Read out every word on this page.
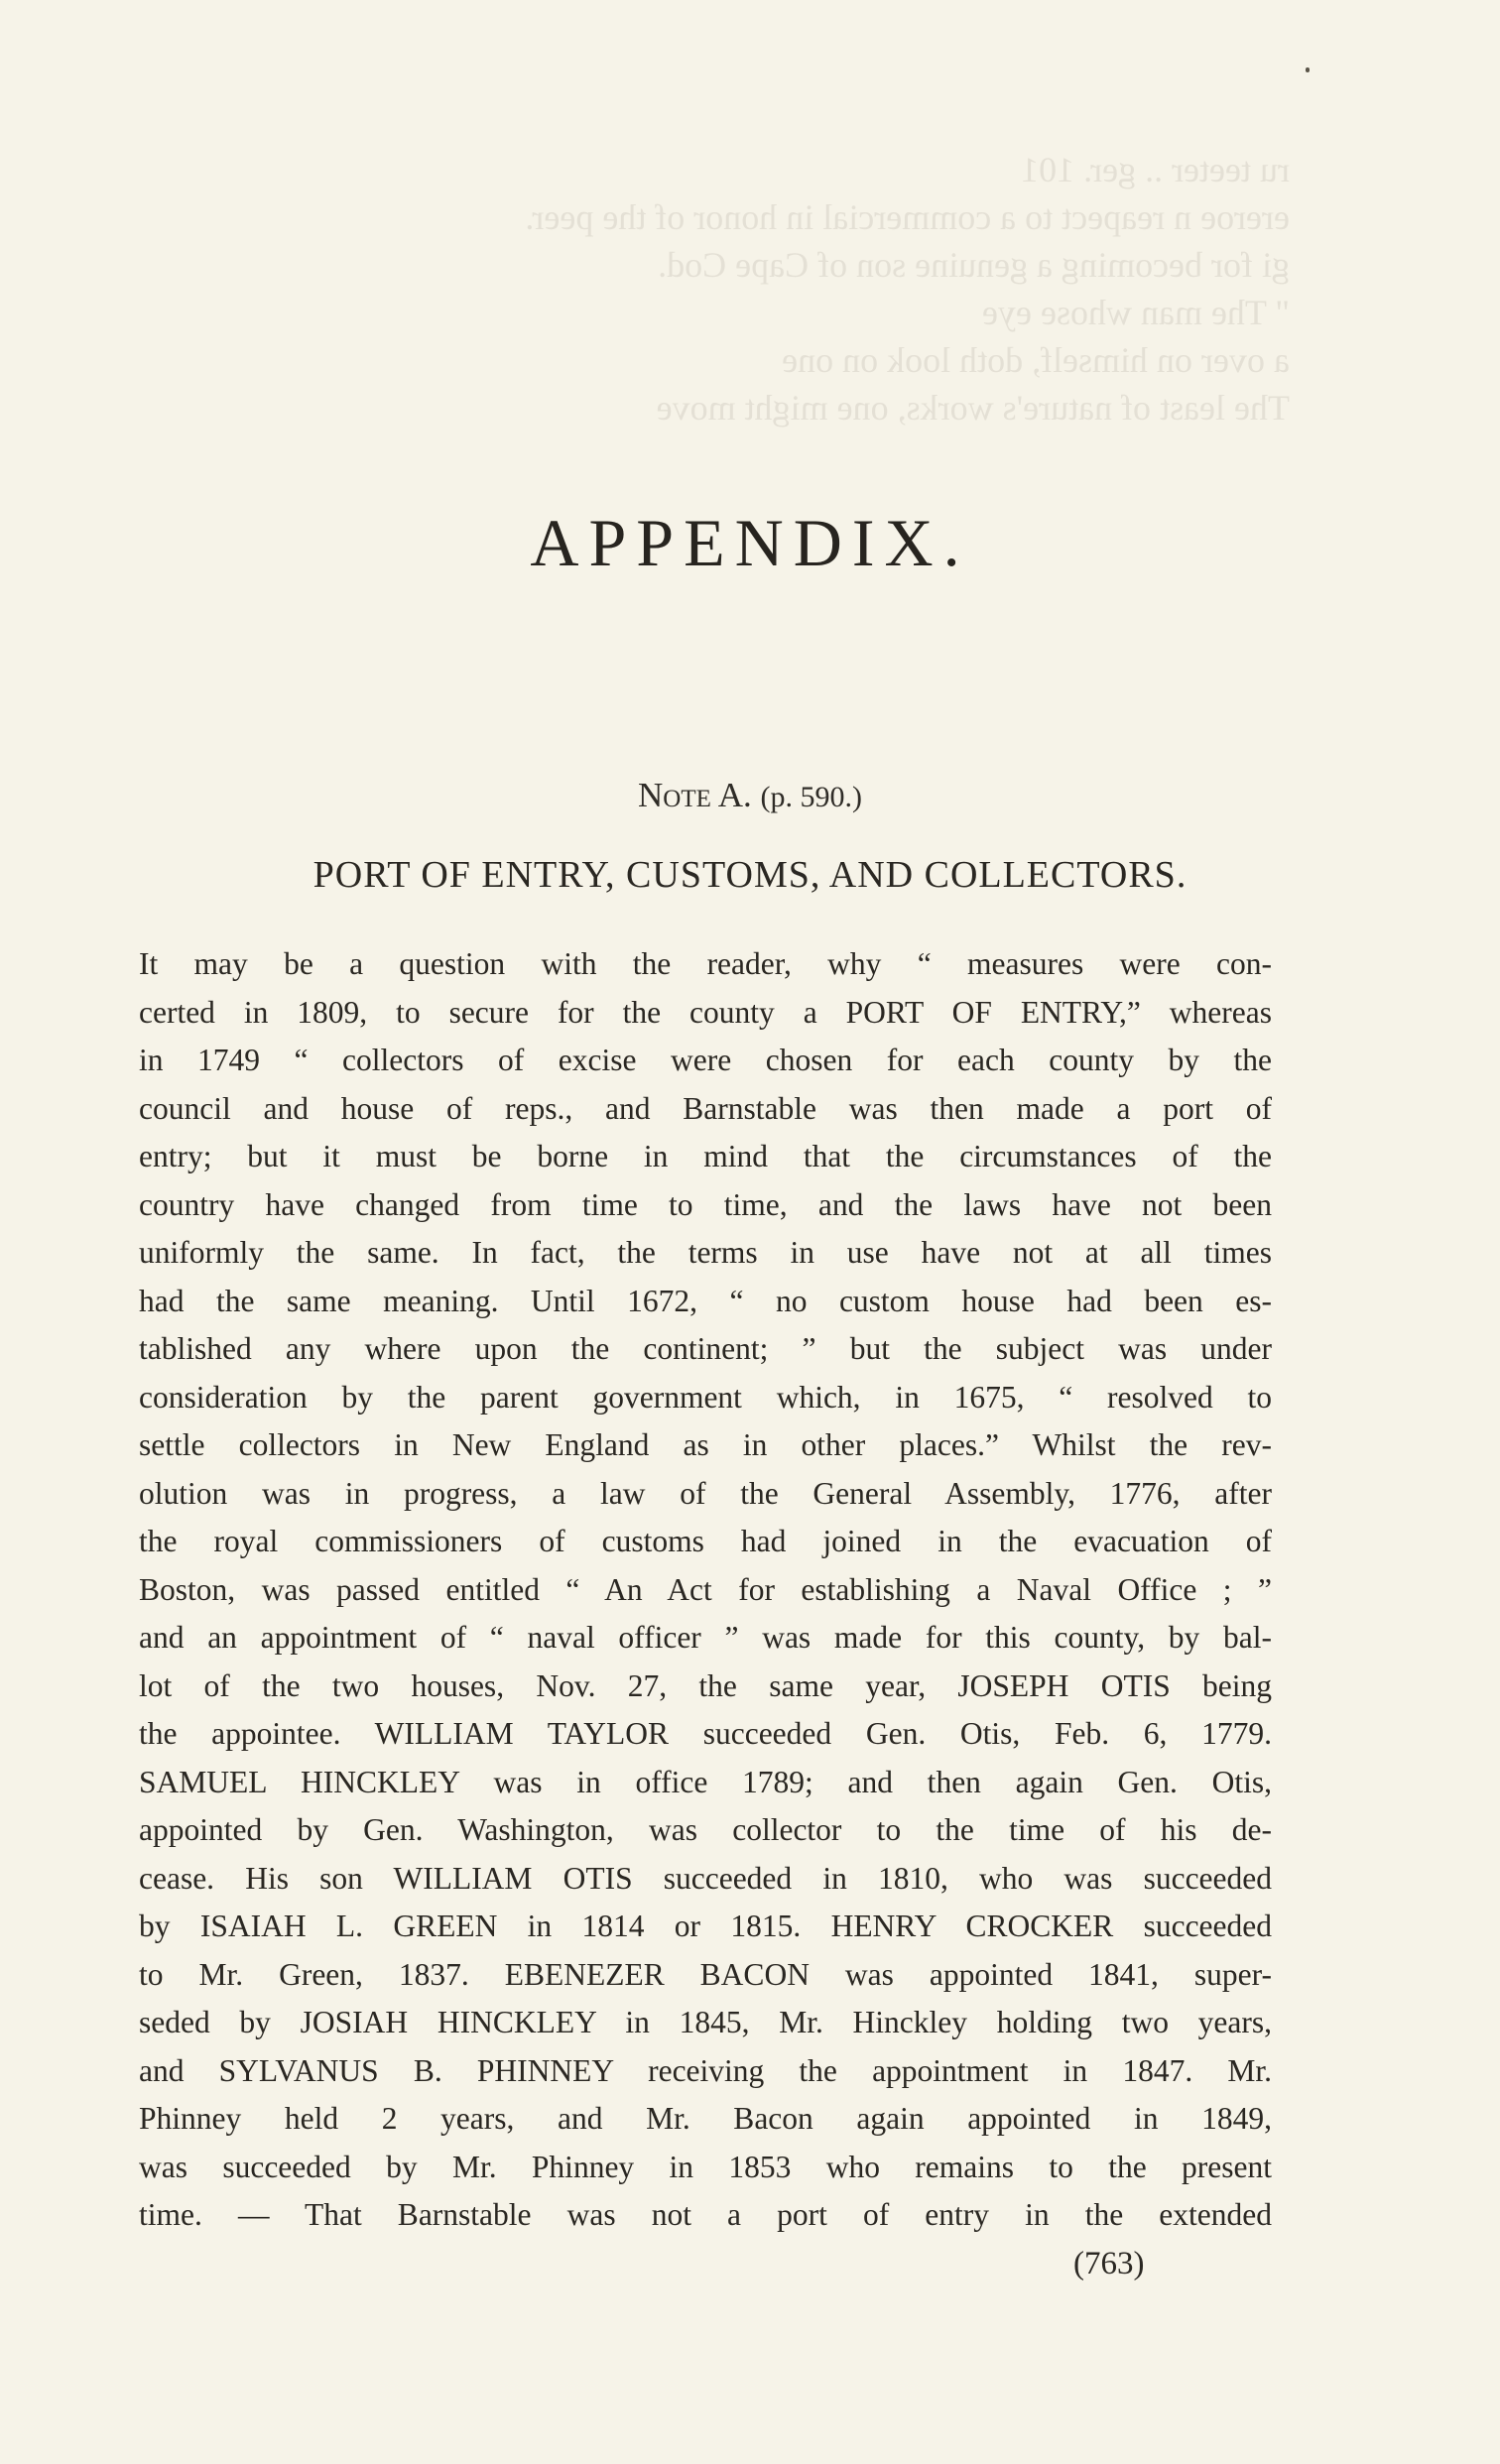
ru teeter .. ger. 101
ereroe n reapect to a commercial in honor of the peer.
gi for becoming a genuine son of Cape Cod.
" The man whose eye
a over on himself, doth look on one
The least of nature's works, one might move
APPENDIX.
Note A. (p. 590.)
PORT OF ENTRY, CUSTOMS, AND COLLECTORS.
It may be a question with the reader, why “ measures were con-
certed in 1809, to secure for the county a PORT OF ENTRY,” whereas
in 1749 “ collectors of excise were chosen for each county by the
council and house of reps., and Barnstable was then made a port of
entry; but it must be borne in mind that the circumstances of the
country have changed from time to time, and the laws have not been
uniformly the same. In fact, the terms in use have not at all times
had the same meaning. Until 1672, “ no custom house had been es-
tablished any where upon the continent; ” but the subject was under
consideration by the parent government which, in 1675, “ resolved to
settle collectors in New England as in other places.” Whilst the rev-
olution was in progress, a law of the General Assembly, 1776, after
the royal commissioners of customs had joined in the evacuation of
Boston, was passed entitled “ An Act for establishing a Naval Office ; ”
and an appointment of “ naval officer ” was made for this county, by bal-
lot of the two houses, Nov. 27, the same year, JOSEPH OTIS being
the appointee. WILLIAM TAYLOR succeeded Gen. Otis, Feb. 6, 1779.
SAMUEL HINCKLEY was in office 1789; and then again Gen. Otis,
appointed by Gen. Washington, was collector to the time of his de-
cease. His son WILLIAM OTIS succeeded in 1810, who was succeeded
by ISAIAH L. GREEN in 1814 or 1815. HENRY CROCKER succeeded
to Mr. Green, 1837. EBENEZER BACON was appointed 1841, super-
seded by JOSIAH HINCKLEY in 1845, Mr. Hinckley holding two years,
and SYLVANUS B. PHINNEY receiving the appointment in 1847. Mr.
Phinney held 2 years, and Mr. Bacon again appointed in 1849,
was succeeded by Mr. Phinney in 1853 who remains to the present
time. — That Barnstable was not a port of entry in the extended
(763)
